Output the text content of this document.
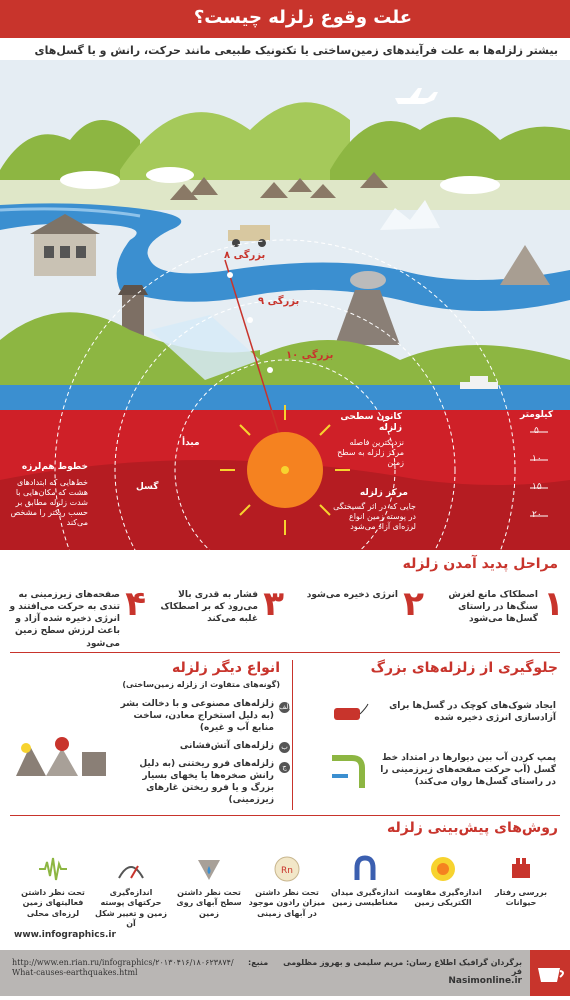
علت وقوع زلزله چیست؟
بیشتر زلزله‌ها به علت فرآیندهای زمین‌ساختی یا تکتونیک طبیعی مانند حرکت، رانش و یا گسل‌های
بزرگی ۸
بزرگی ۹
بزرگی ۱۰
کیلومتر
۵
۱۰
۱۵
۲۰
کانون سطحی زلزله
نزدیکترین فاصله مرکز زلزله به سطح زمین
مرکز زلزله
جایی که در اثر گسیختگی در پوسته زمین انواع لرزه‌ای آزاد می‌شود
مبدأ
خطوط هم‌لرزه
خط‌هایی که ابتدادهای هشت که مکان‌هایی با شدت زلزله مطابق بر حسب ریکتر را مشخص می‌کند
گسل
مراحل پدید آمدن زلزله
۱
اصطکاک مانع لغزش سنگ‌ها در راستای گسل‌ها می‌شود
۲
انرژی ذخیره می‌شود
۳
فشار به قدری بالا می‌رود که بر اصطکاک غلبه می‌کند
۴
صفحه‌های زیرزمینی به تندی به حرکت می‌افتند و انرژی ذخیره شده آزاد و باعث لرزش سطح زمین می‌شود
جلوگیری از زلزله‌های بزرگ
ایجاد شوک‌های کوچک در گسل‌ها برای آزادسازی انرژی ذخیره شده
پمپ کردن آب بین دیوارها در امتداد خط گسل (آب حرکت صفحه‌های زیرزمینی را در راستای گسل‌ها روان می‌کند)
انواع دیگر زلزله
(گونه‌های متفاوت از زلزله زمین‌ساختی)
الف
زلزله‌های مصنوعی و با دخالت بشر (به دلیل استخراج معادن، ساخت منابع آب و غیره)
ب
زلزله‌های آتش‌فشانی
ج
زلزله‌های فرو ریختنی (به دلیل رانش صخره‌ها یا یخهای بسیار بزرگ و یا فرو ریختن غارهای زیرزمینی)
روش‌های پیش‌بینی زلزله
بررسی رفتار حیوانات
اندازه‌گیری مقاومت الکتریکی زمین
اندازه‌گیری میدان مغناطیسی زمین
Rn
تحت نظر داشتن میزان رادون موجود در آبهای زمینی
تحت نظر داشتن سطح آبهای روی زمین
اندازه‌گیری حرکتهای پوسته زمین و تغییر شکل آن
تحت نظر داشتن فعالیتهای زمین لرزه‌ای محلی
www.infographics.ir
برگردان گرافیک اطلاع رسان: مریم سلیمی و بهروز مظلومی فر
Nasimonline.ir
منبع:
http://www.en.rian.ru/infographics/۲۰۱۳۰۴۱۶/۱۸۰۶۲۳۸۷۴/ What-causes-earthquakes.html
